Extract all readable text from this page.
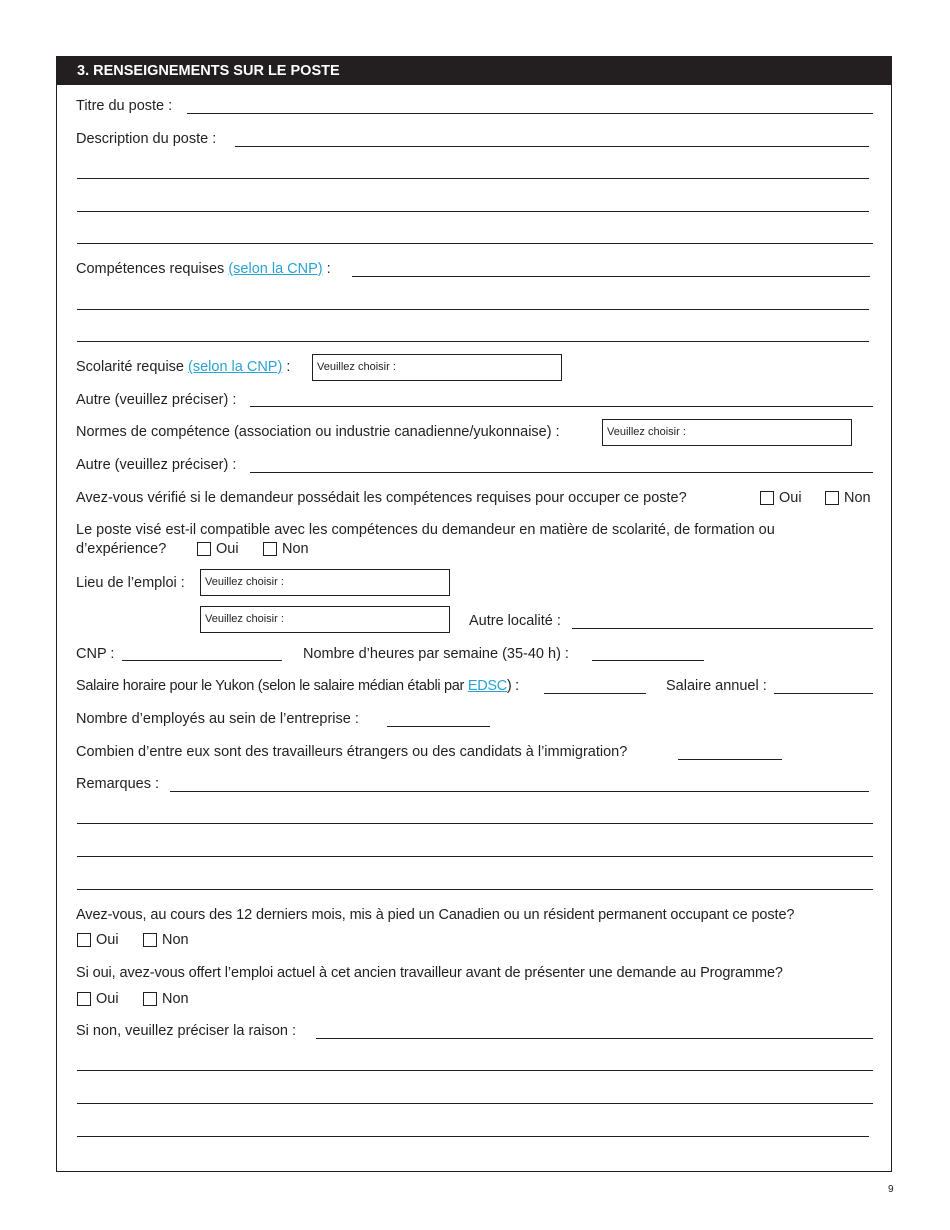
3. RENSEIGNEMENTS SUR LE POSTE
Titre du poste :
Description du poste :
Compétences requises (selon la CNP) :
Scolarité requise (selon la CNP) :	Veuillez choisir :
Autre (veuillez préciser) :
Normes de compétence (association ou industrie canadienne/yukonnaise) :	Veuillez choisir :
Autre (veuillez préciser) :
Avez-vous vérifié si le demandeur possédait les compétences requises pour occuper ce poste?	Oui	Non
Le poste visé est-il compatible avec les compétences du demandeur en matière de scolarité, de formation ou
d’expérience?	Oui	Non
Lieu de l’emploi :	Veuillez choisir :
Veuillez choisir :	Autre localité :
CNP :	Nombre d’heures par semaine (35-40 h) :
Salaire horaire pour le Yukon (selon le salaire médian établi par EDSC) :	Salaire annuel :
Nombre d’employés au sein de l’entreprise :
Combien d’entre eux sont des travailleurs étrangers ou des candidats à l’immigration?
Remarques :
Avez-vous, au cours des 12 derniers mois, mis à pied un Canadien ou un résident permanent occupant ce poste?
Oui	Non
Si oui, avez-vous offert l’emploi actuel à cet ancien travailleur avant de présenter une demande au Programme?
Oui	Non
Si non, veuillez préciser la raison :
9
